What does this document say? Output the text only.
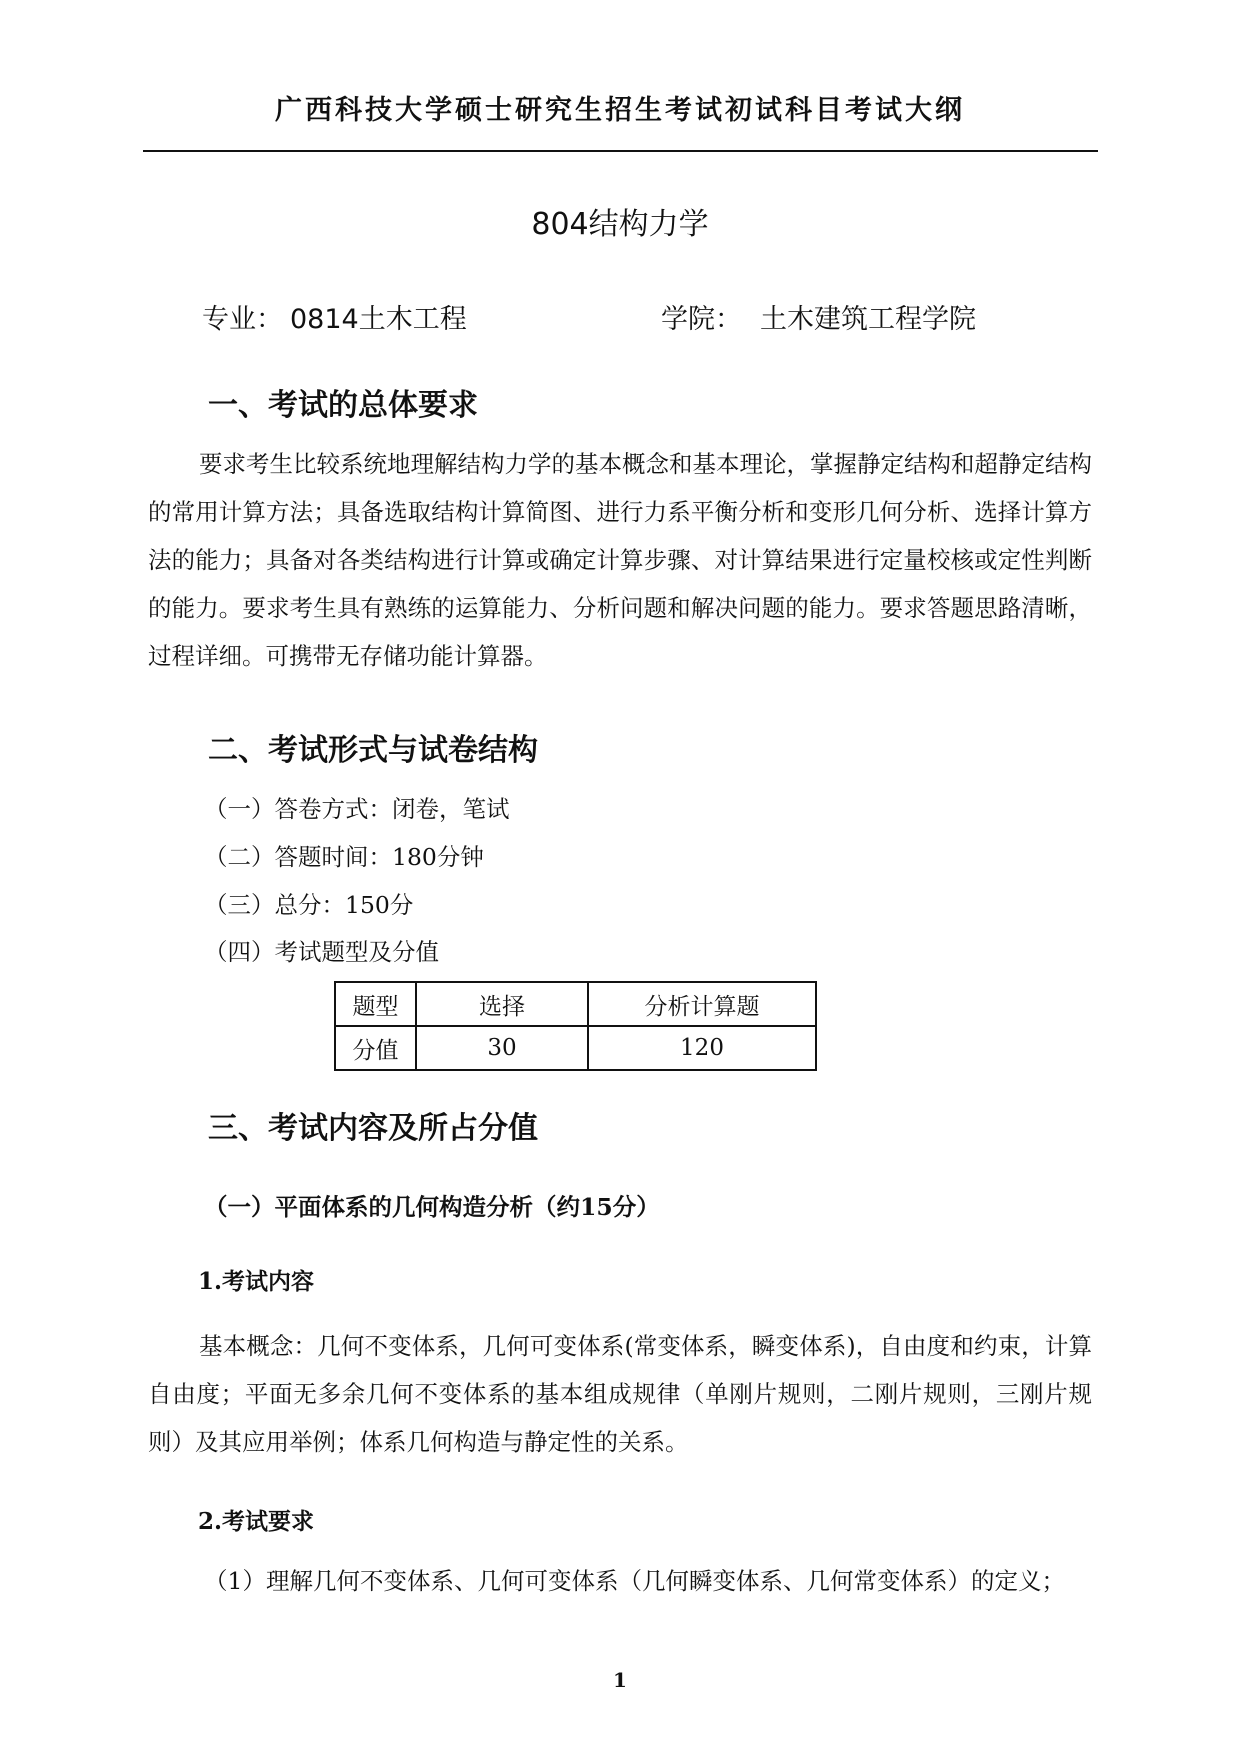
广西科技大学硕士研究生招生考试初试科目考试大纲
804结构力学
专业： 0814土木工程	学院： 土木建筑工程学院
一、考试的总体要求
要求考生比较系统地理解结构力学的基本概念和基本理论，掌握静定结构和超静定结构的常用计算方法；具备选取结构计算简图、进行力系平衡分析和变形几何分析、选择计算方法的能力；具备对各类结构进行计算或确定计算步骤、对计算结果进行定量校核或定性判断的能力。要求考生具有熟练的运算能力、分析问题和解决问题的能力。要求答题思路清晰，过程详细。可携带无存储功能计算器。
二、考试形式与试卷结构
（一）答卷方式：闭卷，笔试
（二）答题时间：180分钟
（三）总分：150分
（四）考试题型及分值
题型	选择	分析计算题
分值	30	120
三、考试内容及所占分值
（一）平面体系的几何构造分析（约15分）
1.考试内容
基本概念：几何不变体系，几何可变体系(常变体系，瞬变体系)，自由度和约束，计算自由度；平面无多余几何不变体系的基本组成规律（单刚片规则，二刚片规则，三刚片规则）及其应用举例；体系几何构造与静定性的关系。
2.考试要求
（1）理解几何不变体系、几何可变体系（几何瞬变体系、几何常变体系）的定义；
1
